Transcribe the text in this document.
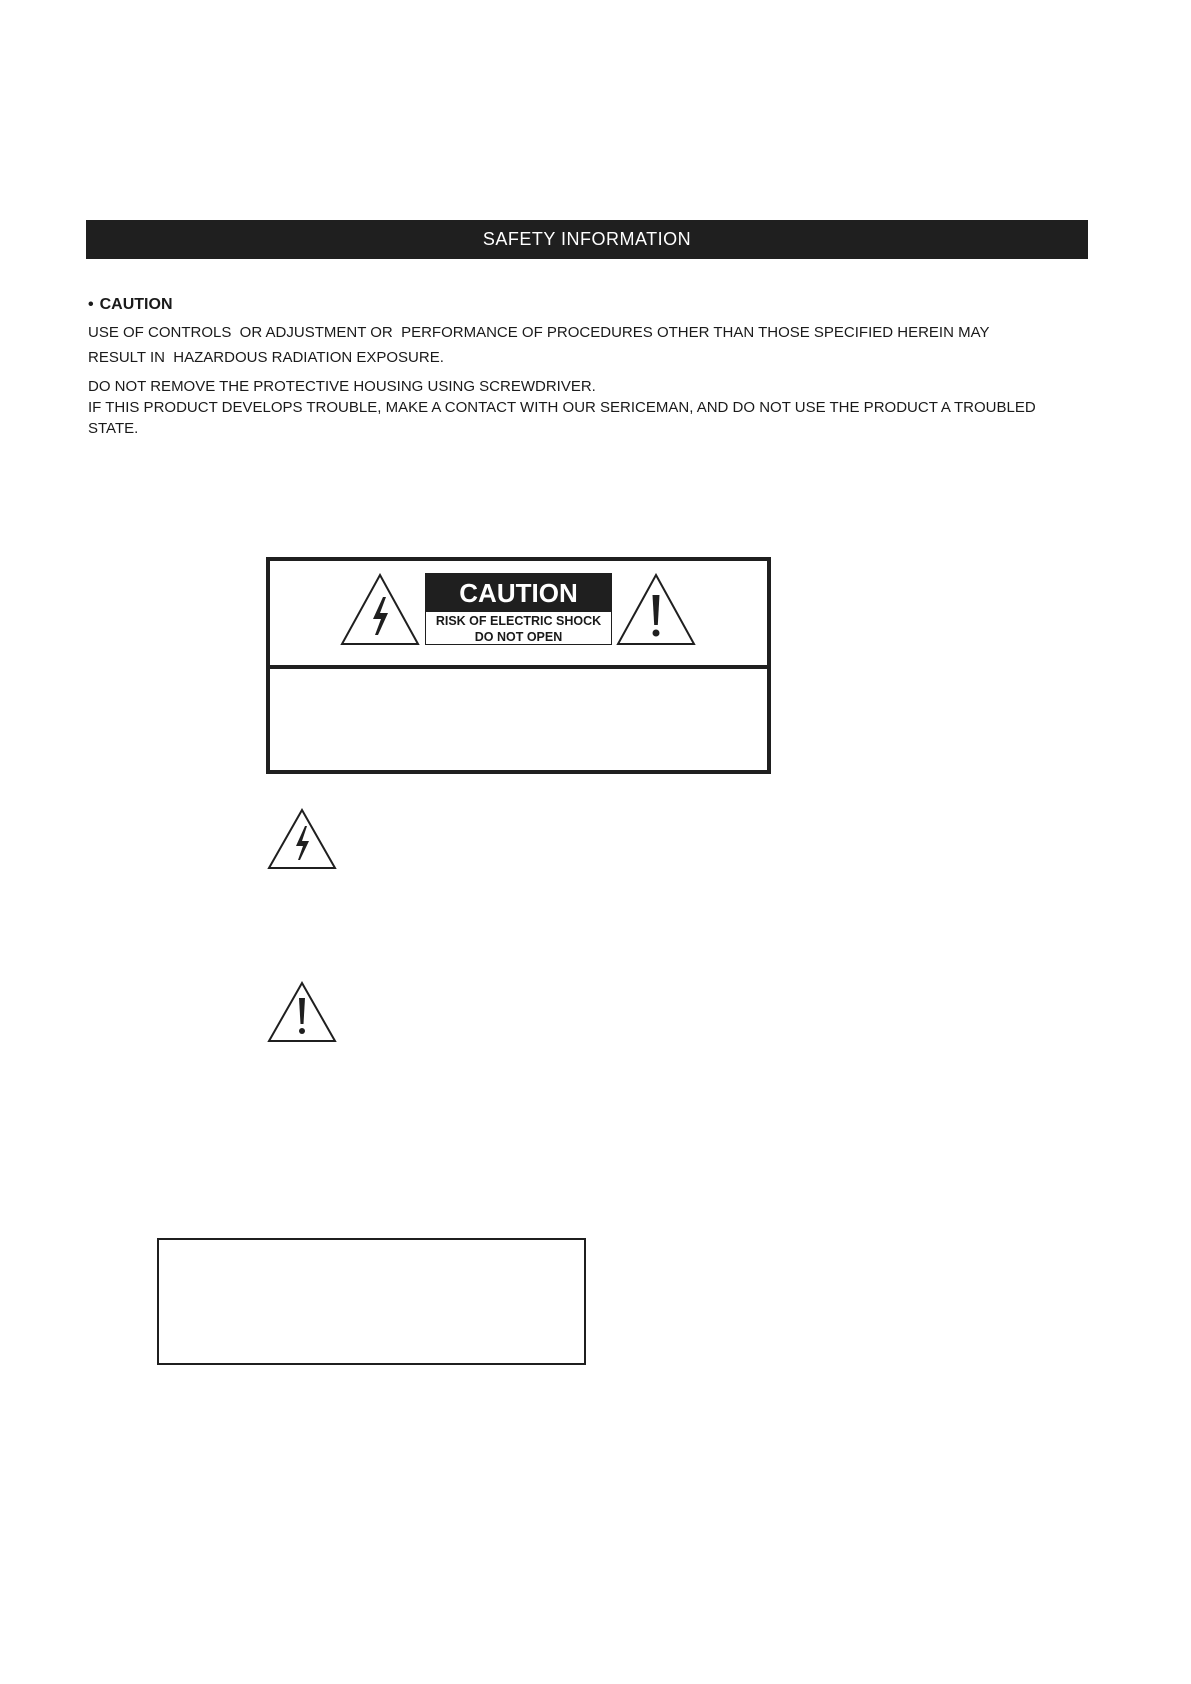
SAFETY INFORMATION

• CAUTION

USE OF CONTROLS  OR ADJUSTMENT OR  PERFORMANCE OF PROCEDURES OTHER THAN THOSE SPECIFIED HEREIN MAY

RESULT IN  HAZARDOUS RADIATION EXPOSURE.

DO NOT REMOVE THE PROTECTIVE HOUSING USING SCREWDRIVER.

IF THIS PRODUCT DEVELOPS TROUBLE, MAKE A CONTACT WITH OUR SERICEMAN, AND DO NOT USE THE PRODUCT A TROUBLED

STATE.

CAUTION
RISK OF ELECTRIC SHOCK
DO NOT OPEN
